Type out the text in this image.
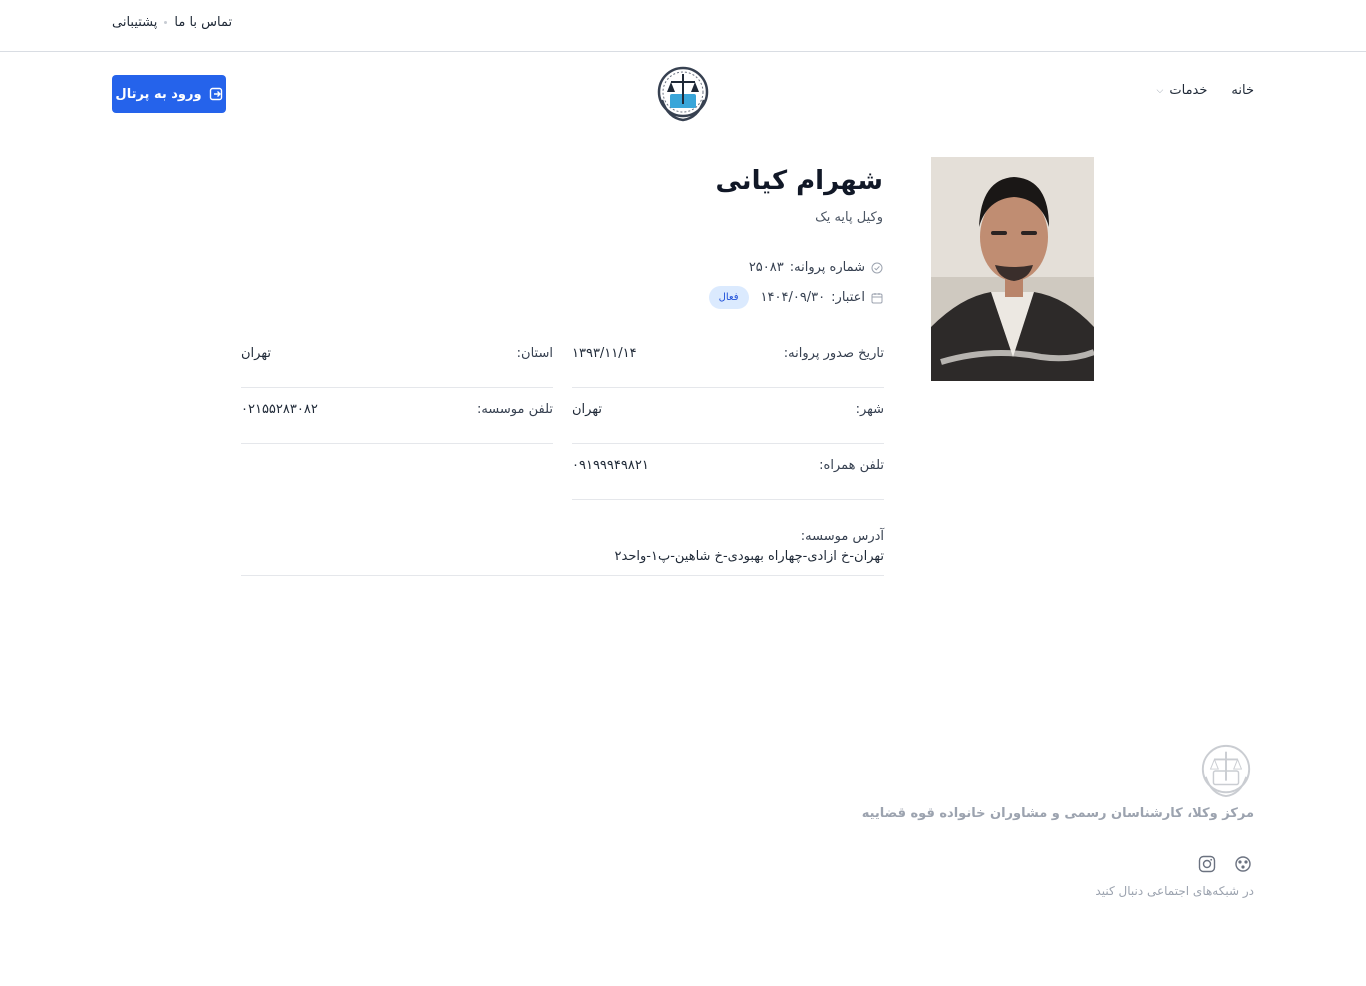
پشتیبانی تماس با ما
خانه
خدمات
⌵
ورود به پرتال
شهرام کیانی
وکیل پایه یک
شماره پروانه:
۲۵۰۸۳
اعتبار:
۱۴۰۴/۰۹/۳۰
فعال
تاریخ صدور پروانه:
۱۳۹۳/۱۱/۱۴
استان:
تهران
شهر:
تهران
تلفن موسسه:
۰۲۱۵۵۲۸۳۰۸۲
تلفن همراه:
۰۹۱۹۹۹۴۹۸۲۱
آدرس موسسه:
تهران-خ ازادی-چهاراه بهبودی-خ شاهین-پ۱-واحد۲
مرکز وکلا، کارشناسان رسمی و مشاوران خانواده قوه قضاییه
در شبکه‌های اجتماعی دنبال کنید
